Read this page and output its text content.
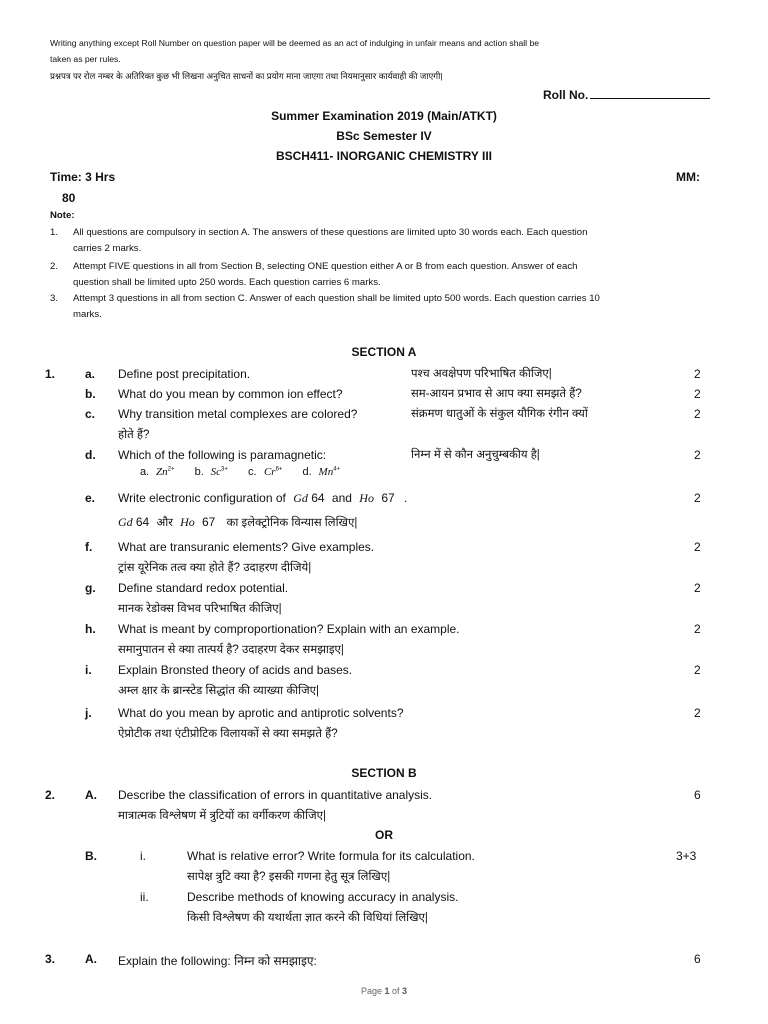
Writing anything except Roll Number on question paper will be deemed as an act of indulging in unfair means and action shall be
taken as per rules.
प्रश्नपत्र पर रोल नम्बर के अतिरिक्त कुछ भी लिखना अनुचित साधनों का प्रयोग माना जाएगा तथा नियमानुसार कार्यवाही की जाएगी|
Roll No.
Summer Examination 2019 (Main/ATKT)
BSc Semester IV
BSCH411- INORGANIC CHEMISTRY III
Time: 3 Hrs	MM:
80
Note:
1. All questions are compulsory in section A. The answers of these questions are limited upto 30 words each. Each question
carries 2 marks.
2. Attempt FIVE questions in all from Section B, selecting ONE question either A or B from each question. Answer of each
question shall be limited upto 250 words. Each question carries 6 marks.
3. Attempt 3 questions in all from section C. Answer of each question shall be limited upto 500 words. Each question carries 10
marks.
SECTION A
1. a. Define post precipitation.	पश्च अवक्षेपण परिभाषित कीजिए|	2
b. What do you mean by common ion effect?	सम-आयन प्रभाव से आप क्या समझते हैं?	2
c. Why transition metal complexes are colored?	संक्रमण धातुओं के संकुल यौगिक रंगीन क्यों
होते हैं?
2
d. Which of the following is paramagnetic:	निम्न में से कौन अनुचुम्बकीय है|	2
a. $Zn^{2+}$ b. $Sc^{3+}$ c. $Cr^{6+}$ d. $Mn^{4+}$
e. Write electronic configuration of Gd 64 and Ho 67 .	2
Gd 64 और Ho 67 का इलेक्ट्रोनिक विन्यास लिखिए|
f. What are transuranic elements? Give examples.
ट्रांस यूरेनिक तत्व क्या होते हैं? उदाहरण दीजिये|
2
g. Define standard redox potential.
मानक रेडोक्स विभव परिभाषित कीजिए|
2
h. What is meant by comproportionation? Explain with an example.
समानुपातन से क्या तात्पर्य है? उदाहरण देकर समझाइए|
2
i. Explain Bronsted theory of acids and bases.
अम्ल क्षार के ब्रान्स्टेड सिद्धांत की व्याख्या कीजिए|
2
j. What do you mean by aprotic and antiprotic solvents?
ऐप्रोटीक तथा एंटीप्रोटिक विलायकों से क्या समझते हैं?
2
SECTION B
2. A. Describe the classification of errors in quantitative analysis.
मात्रात्मक विश्लेषण में त्रुटियों का वर्गीकरण कीजिए|
6
OR
B.	i.	What is relative error? Write formula for its calculation.
सापेक्ष त्रुटि क्या है? इसकी गणना हेतु सूत्र लिखिए|
3+3
ii.	Describe methods of knowing accuracy in analysis.
किसी विश्लेषण की यथार्थता ज्ञात करने की विधियां लिखिए|
3. A. Explain the following: निम्न को समझाइए:	6
Page 1 of 3
